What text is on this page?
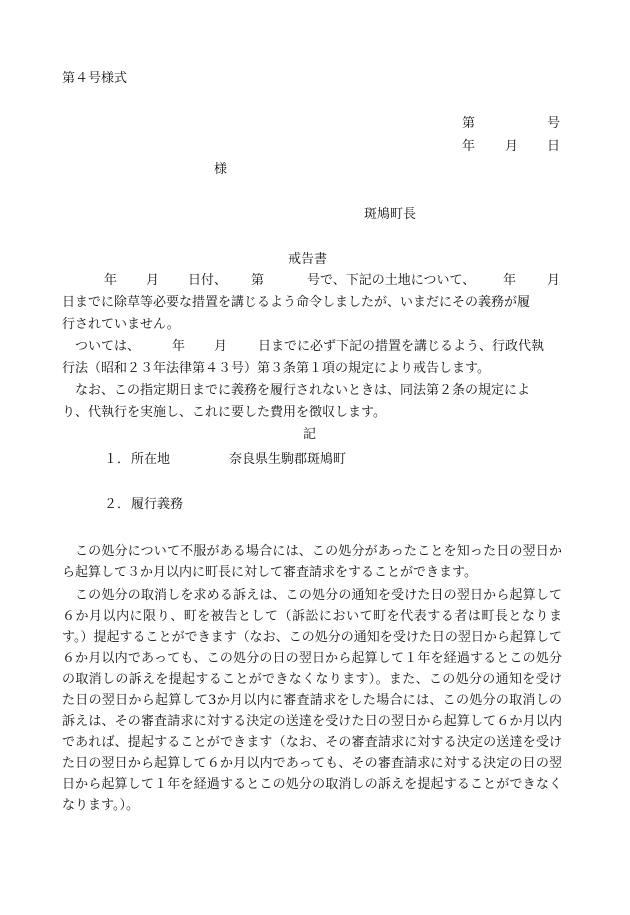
第４号様式
第	号
年 月 日
様
斑鳩町長
戒告書
年 月 日付、 第	号で、下記の土地について、 年 月
日までに除草等必要な措置を講じるよう命令しましたが、いまだにその義務が履
行されていません。
ついては、 年 月 日までに必ず下記の措置を講じるよう、行政代執
行法（昭和２３年法律第４３号）第３条第１項の規定により戒告します。
なお、この指定期日までに義務を履行されないときは、同法第２条の規定によ
り、代執行を実施し、これに要した費用を徴収します。
記
１． 所在地	奈良県生駒郡斑鳩町
２． 履行義務

この処分について不服がある場合には、この処分があったことを知った日の翌日から起算して３か月以内に町長に対して審査請求をすることができます。

この処分の取消しを求める訴えは、この処分の通知を受けた日の翌日から起算して６か月以内に限り、町を被告として（訴訟において町を代表する者は町長となります。）提起することができます（なお、この処分の通知を受けた日の翌日から起算して６か月以内であっても、この処分の日の翌日から起算して１年を経過するとこの処分の取消しの訴えを提起することができなくなります）。また、この処分の通知を受けた日の翌日から起算して3か月以内に審査請求をした場合には、この処分の取消しの訴えは、その審査請求に対する決定の送達を受けた日の翌日から起算して６か月以内であれば、提起することができます（なお、その審査請求に対する決定の送達を受けた日の翌日から起算して６か月以内であっても、その審査請求に対する決定の日の翌日から起算して１年を経過するとこの処分の取消しの訴えを提起することができなくなります。）。
